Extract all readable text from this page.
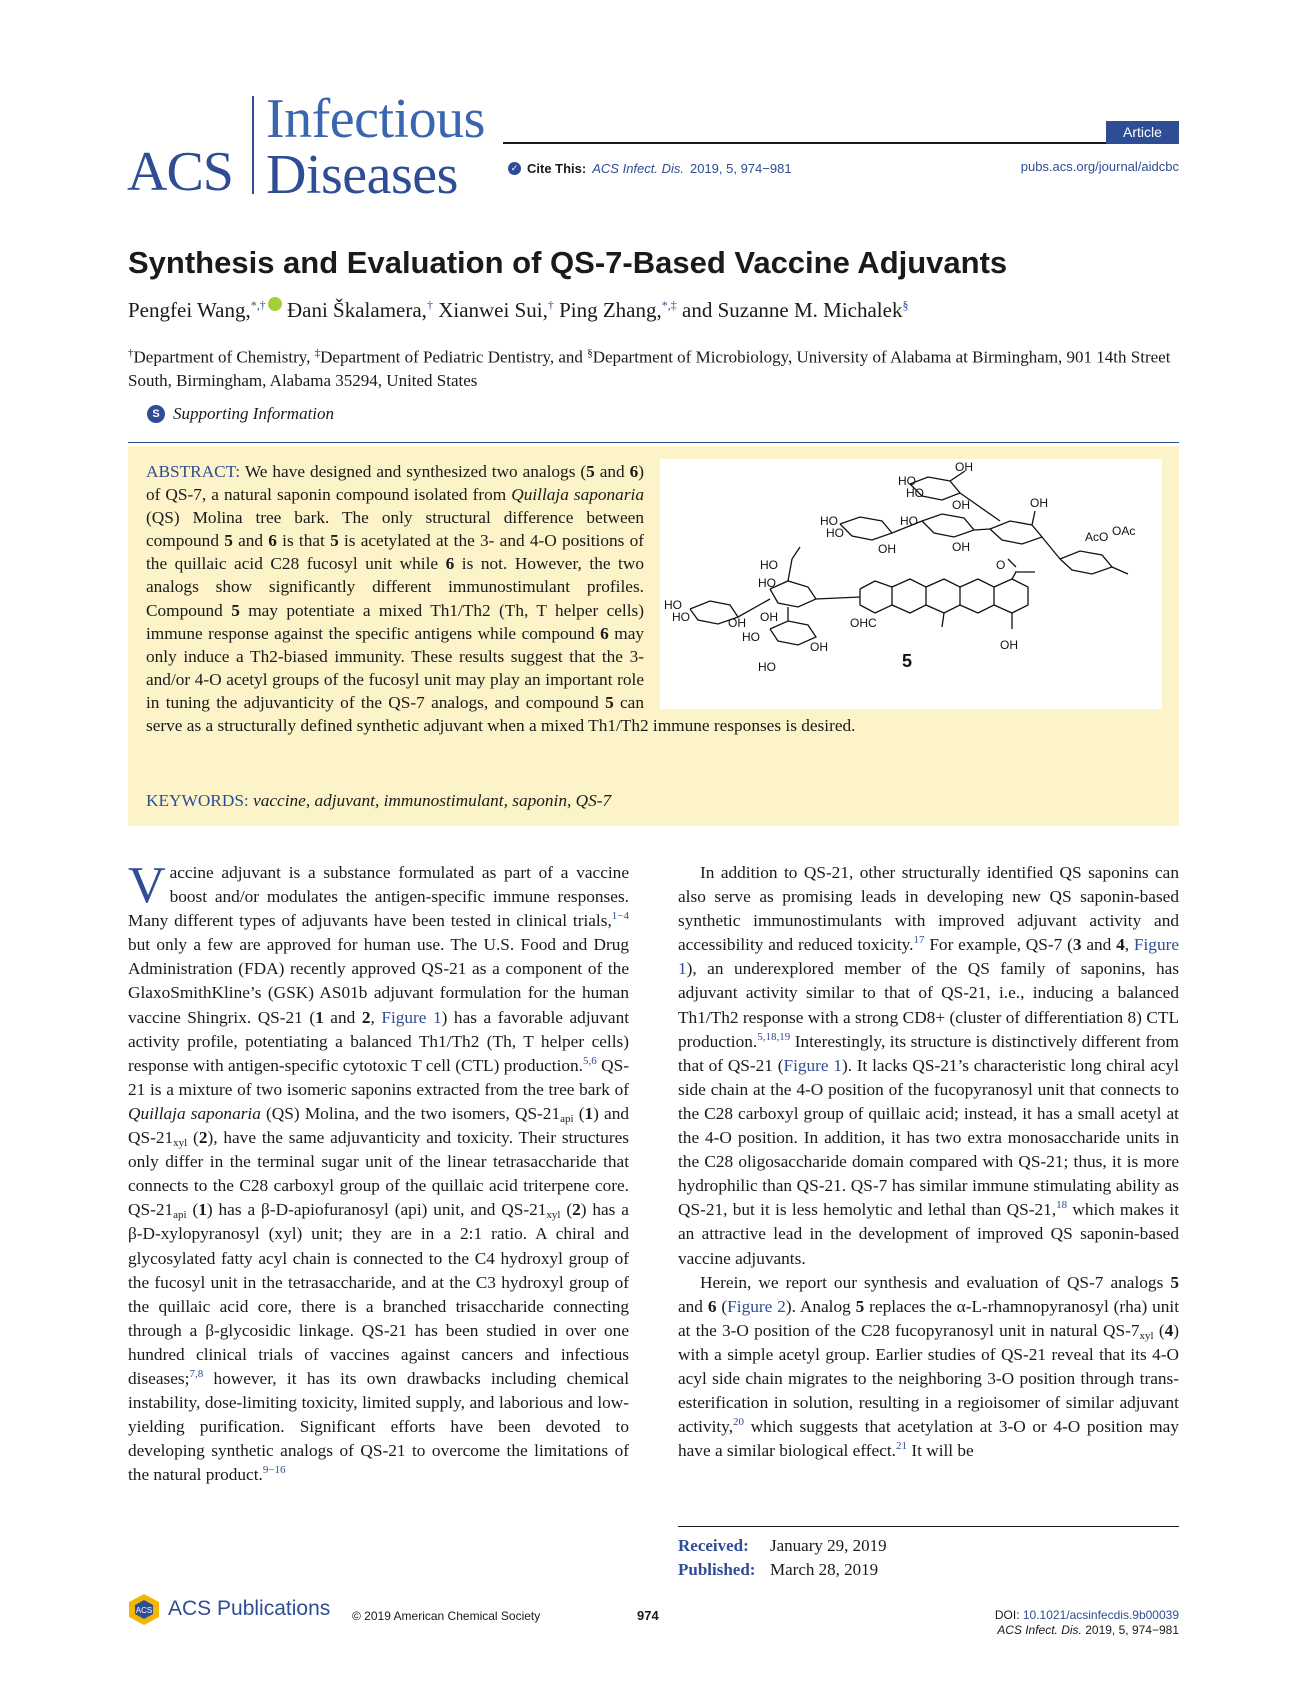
ACS
Infectious
Diseases
Article
✓ Cite This: ACS Infect. Dis. 2019, 5, 974−981	pubs.acs.org/journal/aidcbc
Synthesis and Evaluation of QS-7-Based Vaccine Adjuvants
Pengfei Wang,*,† Đani Škalamera,† Xianwei Sui,† Ping Zhang,*,‡ and Suzanne M. Michalek§
†Department of Chemistry, ‡Department of Pediatric Dentistry, and §Department of Microbiology, University of Alabama at Birmingham, 901 14th Street South, Birmingham, Alabama 35294, United States
S Supporting Information
ABSTRACT: We have designed and synthesized two analogs (5 and 6) of QS-7, a natural saponin compound isolated from Quillaja saponaria (QS) Molina tree bark. The only structural difference between compound 5 and 6 is that 5 is acetylated at the 3- and 4-O positions of the quillaic acid C28 fucosyl unit while 6 is not. However, the two analogs show significantly different immunostimulant profiles. Compound 5 may potentiate a mixed Th1/Th2 (Th, T helper cells) immune response against the specific antigens while compound 6 may only induce a Th2-biased immunity. These results suggest that the 3- and/or 4-O acetyl groups of the fucosyl unit may play an important role in tuning the adjuvanticity of the QS-7 analogs, and compound 5 can serve as a structurally defined synthetic adjuvant when a mixed Th1/Th2 immune responses is desired.
OH
HO
HO
OH	OH
HO
HO
HO
OH	OH
AcO OAc
O
HO
HO
OHC
HO
HO	OH OH
HO
OH
HO
OH
5
KEYWORDS: vaccine, adjuvant, immunostimulant, saponin, QS-7
Vaccine adjuvant is a substance formulated as part of a vaccine boost and/or modulates the antigen-specific immune responses. Many different types of adjuvants have been tested in clinical trials,$^{1-4}$ but only a few are approved for human use. The U.S. Food and Drug Administration (FDA) recently approved QS-21 as a component of the GlaxoSmithKline’s (GSK) AS01b adjuvant formulation for the human vaccine Shingrix. QS-21 (1 and 2, Figure 1) has a favorable adjuvant activity profile, potentiating a balanced Th1/Th2 (Th, T helper cells) response with antigen-specific cytotoxic T cell (CTL) production.$^{5,6}$ QS-21 is a mixture of two isomeric saponins extracted from the tree bark of Quillaja saponaria (QS) Molina, and the two isomers, $QS-21_{api}$ (1) and $QS-21_{xyl}$ (2), have the same adjuvanticity and toxicity. Their structures only differ in the terminal sugar unit of the linear tetrasaccharide that connects to the C28 carboxyl group of the quillaic acid triterpene core. $QS-21_{api}$ (1) has a β-D-apiofuranosyl (api) unit, and $QS-21_{xyl}$ (2) has a β-D-xylopyranosyl (xyl) unit; they are in a 2:1 ratio. A chiral and glycosylated fatty acyl chain is connected to the C4 hydroxyl group of the fucosyl unit in the tetrasaccharide, and at the C3 hydroxyl group of the quillaic acid core, there is a branched trisaccharide connecting through a β-glycosidic linkage. QS-21 has been studied in over one hundred clinical trials of vaccines against cancers and infectious diseases;$^{7,8}$ however, it has its own drawbacks including chemical instability, dose-limiting toxicity, limited supply, and laborious and low-yielding purification. Significant efforts have been devoted to developing synthetic analogs of QS-21 to overcome the limitations of the natural product.$^{9-16}$
In addition to QS-21, other structurally identified QS saponins can also serve as promising leads in developing new QS saponin-based synthetic immunostimulants with improved adjuvant activity and accessibility and reduced toxicity.$^{17}$ For example, QS-7 (3 and 4, Figure 1), an underexplored member of the QS family of saponins, has adjuvant activity similar to that of QS-21, i.e., inducing a balanced Th1/Th2 response with a strong CD8+ (cluster of differentiation 8) CTL production.$^{5,18,19}$ Interestingly, its structure is distinctively different from that of QS-21 (Figure 1). It lacks QS-21’s characteristic long chiral acyl side chain at the 4-O position of the fucopyranosyl unit that connects to the C28 carboxyl group of quillaic acid; instead, it has a small acetyl at the 4-O position. In addition, it has two extra monosaccharide units in the C28 oligosaccharide domain compared with QS-21; thus, it is more hydrophilic than QS-21. QS-7 has similar immune stimulating ability as QS-21, but it is less hemolytic and lethal than QS-21,18 which makes it an attractive lead in the development of improved QS saponin-based vaccine adjuvants.
Herein, we report our synthesis and evaluation of QS-7 analogs 5 and 6 (Figure 2). Analog 5 replaces the α-L-rhamnopyranosyl (rha) unit at the 3-O position of the C28 fucopyranosyl unit in natural $QS-7_{xyl}$ (4) with a simple acetyl group. Earlier studies of QS-21 reveal that its 4-O acyl side chain migrates to the neighboring 3-O position through trans-esterification in solution, resulting in a regioisomer of similar adjuvant activity,$^{20}$ which suggests that acetylation at 3-O or 4-O position may have a similar biological effect.$^{21}$ It will be
Received: January 29, 2019
Published: March 28, 2019
ACS ACS Publications © 2019 American Chemical Society	974	DOI: 10.1021/acsinfecdis.9b00039
ACS Infect. Dis. 2019, 5, 974−981
